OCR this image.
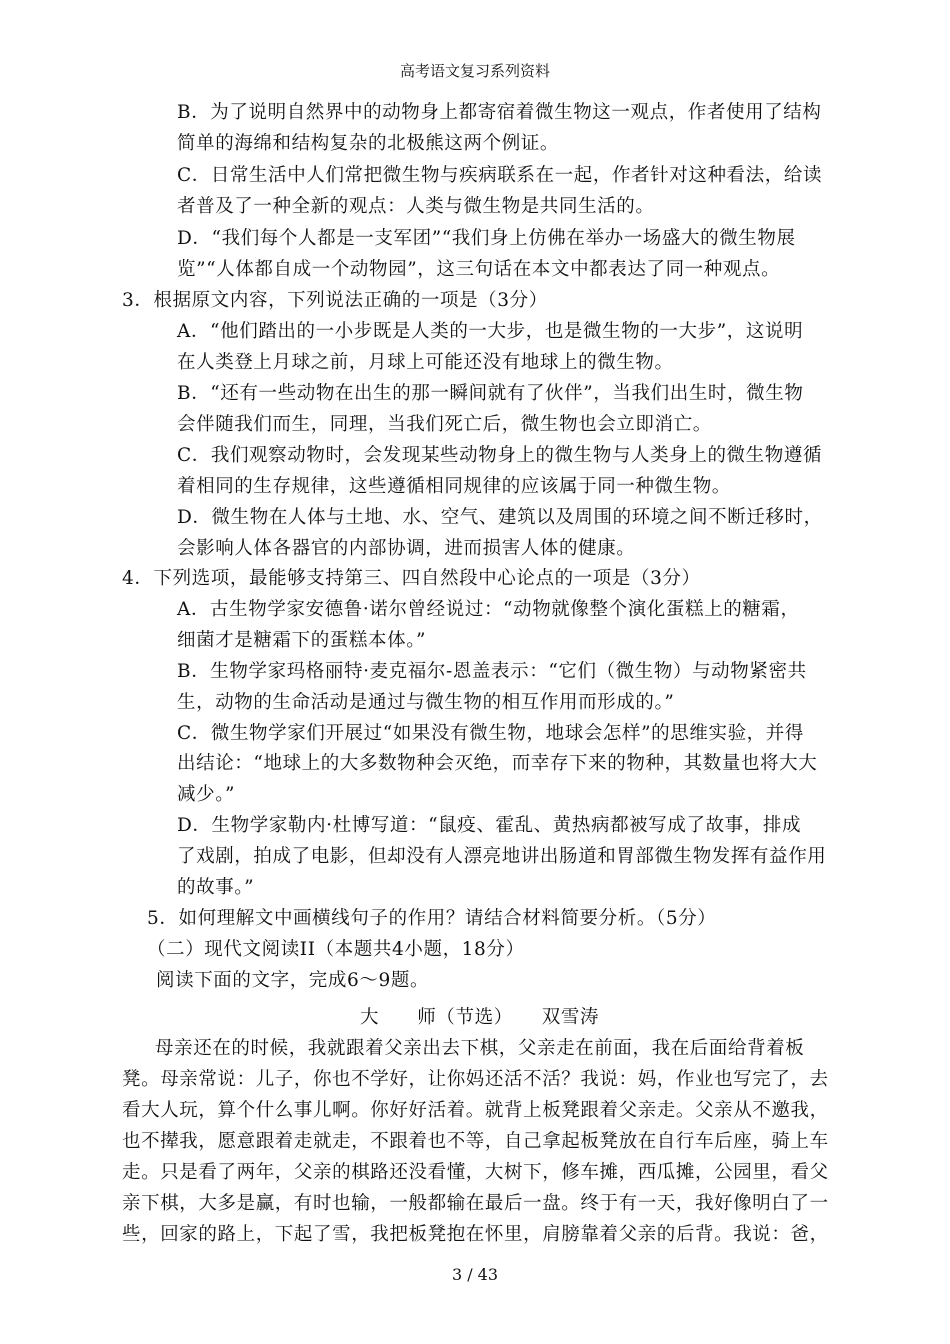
高考语文复习系列资料
B．为了说明自然界中的动物身上都寄宿着微生物这一观点，作者使用了结构
简单的海绵和结构复杂的北极熊这两个例证。
C．日常生活中人们常把微生物与疾病联系在一起，作者针对这种看法，给读
者普及了一种全新的观点：人类与微生物是共同生活的。
D．“我们每个人都是一支军团”“我们身上仿佛在举办一场盛大的微生物展
览”“人体都自成一个动物园”，这三句话在本文中都表达了同一种观点。
3．根据原文内容，下列说法正确的一项是（3分）
A．“他们踏出的一小步既是人类的一大步，也是微生物的一大步”，这说明
在人类登上月球之前，月球上可能还没有地球上的微生物。
B．“还有一些动物在出生的那一瞬间就有了伙伴”，当我们出生时，微生物
会伴随我们而生，同理，当我们死亡后，微生物也会立即消亡。
C．我们观察动物时，会发现某些动物身上的微生物与人类身上的微生物遵循
着相同的生存规律，这些遵循相同规律的应该属于同一种微生物。
D．微生物在人体与土地、水、空气、建筑以及周围的环境之间不断迁移时，
会影响人体各器官的内部协调，进而损害人体的健康。
4．下列选项，最能够支持第三、四自然段中心论点的一项是（3分）
A．古生物学家安德鲁·诺尔曾经说过：“动物就像整个演化蛋糕上的糖霜，
细菌才是糖霜下的蛋糕本体。”
B．生物学家玛格丽特·麦克福尔-恩盖表示：“它们（微生物）与动物紧密共
生，动物的生命活动是通过与微生物的相互作用而形成的。”
C．微生物学家们开展过“如果没有微生物，地球会怎样”的思维实验，并得
出结论：“地球上的大多数物种会灭绝，而幸存下来的物种，其数量也将大大
减少。”
D．生物学家勒内·杜博写道：“鼠疫、霍乱、黄热病都被写成了故事，排成
了戏剧，拍成了电影，但却没有人漂亮地讲出肠道和胃部微生物发挥有益作用
的故事。”
5．如何理解文中画横线句子的作用？请结合材料简要分析。（5分）
（二）现代文阅读II（本题共4小题，18分）
阅读下面的文字，完成6～9题。
大　　师（节选）　　双雪涛
母亲还在的时候，我就跟着父亲出去下棋，父亲走在前面，我在后面给背着板
凳。母亲常说：儿子，你也不学好，让你妈还活不活？我说：妈，作业也写完了，去
看大人玩，算个什么事儿啊。你好好活着。就背上板凳跟着父亲走。父亲从不邀我，
也不撵我，愿意跟着走就走，不跟着也不等，自己拿起板凳放在自行车后座，骑上车
走。只是看了两年，父亲的棋路还没看懂，大树下，修车摊，西瓜摊，公园里，看父
亲下棋，大多是赢，有时也输，一般都输在最后一盘。终于有一天，我好像明白了一
些，回家的路上，下起了雪，我把板凳抱在怀里，肩膀靠着父亲的后背。我说：爸，
3 / 43
